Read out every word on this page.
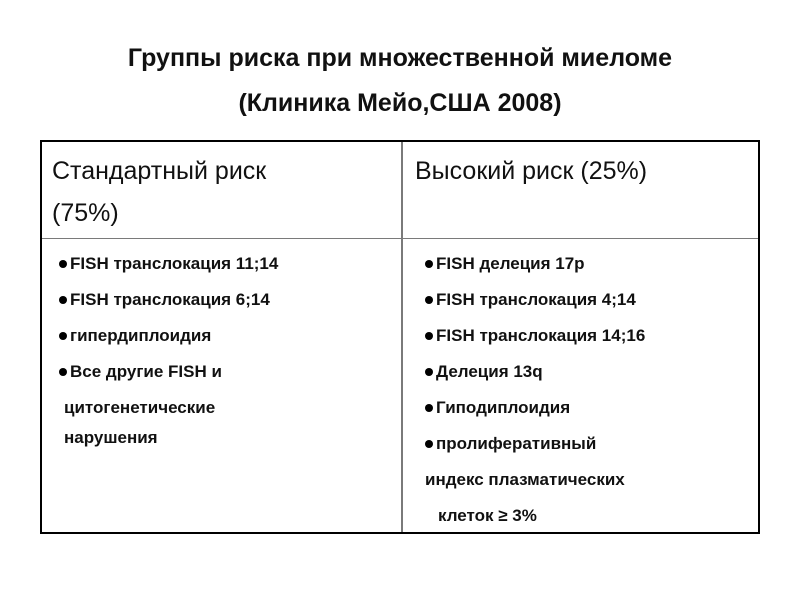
Группы риска при множественной миеломе
(Клиника Мейо,США 2008)
Стандартный риск
(75%)
Высокий риск (25%)
FISH транслокация 11;14
FISH транслокация 6;14
гипердиплоидия
Все другие FISH и
цитогенетические
нарушения
FISH делеция 17p
FISH транслокация 4;14
FISH транслокация 14;16
Делеция 13q
Гиподиплоидия
пролиферативный
индекс плазматических
клеток ≥ 3%
